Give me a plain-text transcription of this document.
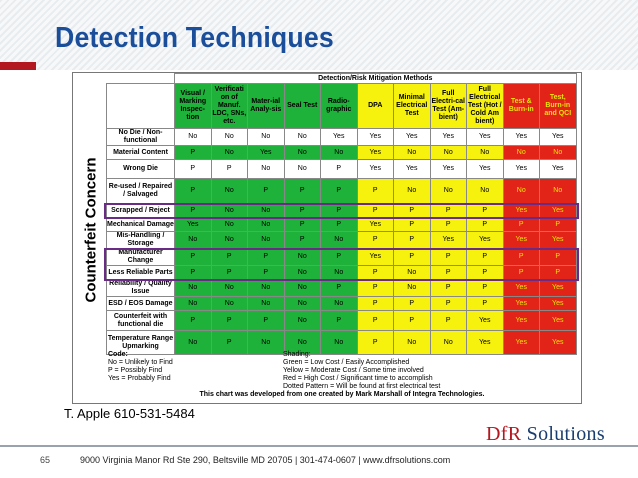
Detection Techniques
Counterfeit Concern
	Detection/Risk Mitigation Methods										
	Visual / Marking Inspec-tion	Verificati on of Manuf. LDC, SNs, etc.	Mater-ial Analy-sis	Seal Test	Radio-graphic	DPA	Minimal Electrical Test	Full Electri-cal Test (Am-bient)	Full Electrical Test (Hot / Cold Am bient)	Test & Burn-in	Test, Burn-in and QCI
No Die / Non-functional	No	No	No	No	Yes	Yes	Yes	Yes	Yes	Yes	Yes
Material Content	P	No	Yes	No	No	Yes	No	No	No	No	No
Wrong Die	P	P	No	No	P	Yes	Yes	Yes	Yes	Yes	Yes
Re-used / Repaired / Salvaged	P	No	P	P	P	P	No	No	No	No	No
Scrapped / Reject	P	No	No	P	P	P	P	P	P	Yes	Yes
Mechanical Damage	Yes	No	No	P	P	Yes	P	P	P	P	P
Mis-Handling / Storage	No	No	No	P	No	P	P	Yes	Yes	Yes	Yes
Manufacturer Change	P	P	P	No	P	Yes	P	P	P	P	P
Less Reliable Parts	P	P	P	No	No	P	No	P	P	P	P
Reliability / Quality Issue	No	No	No	No	P	P	No	P	P	Yes	Yes
ESD / EOS Damage	No	No	No	No	No	P	P	P	P	Yes	Yes
Counterfeit with functional die	P	P	P	No	P	P	P	P	Yes	Yes	Yes
Temperature Range Upmarking	No	P	No	No	No	P	No	No	Yes	Yes	Yes
Code:
No = Unlikely to Find
P = Possibly Find
Yes = Probably Find
Shading:
Green = Low Cost / Easily Accomplished
Yellow = Moderate Cost / Some time involved
Red = High Cost / Significant time to accomplish
Dotted Pattern = Will be found at first electrical test
This chart was developed from one created by Mark Marshall of Integra Technologies.
T. Apple 610-531-5484
DfR Solutions
65	9000 Virginia Manor Rd Ste 290, Beltsville MD 20705 | 301-474-0607 | www.dfrsolutions.com
